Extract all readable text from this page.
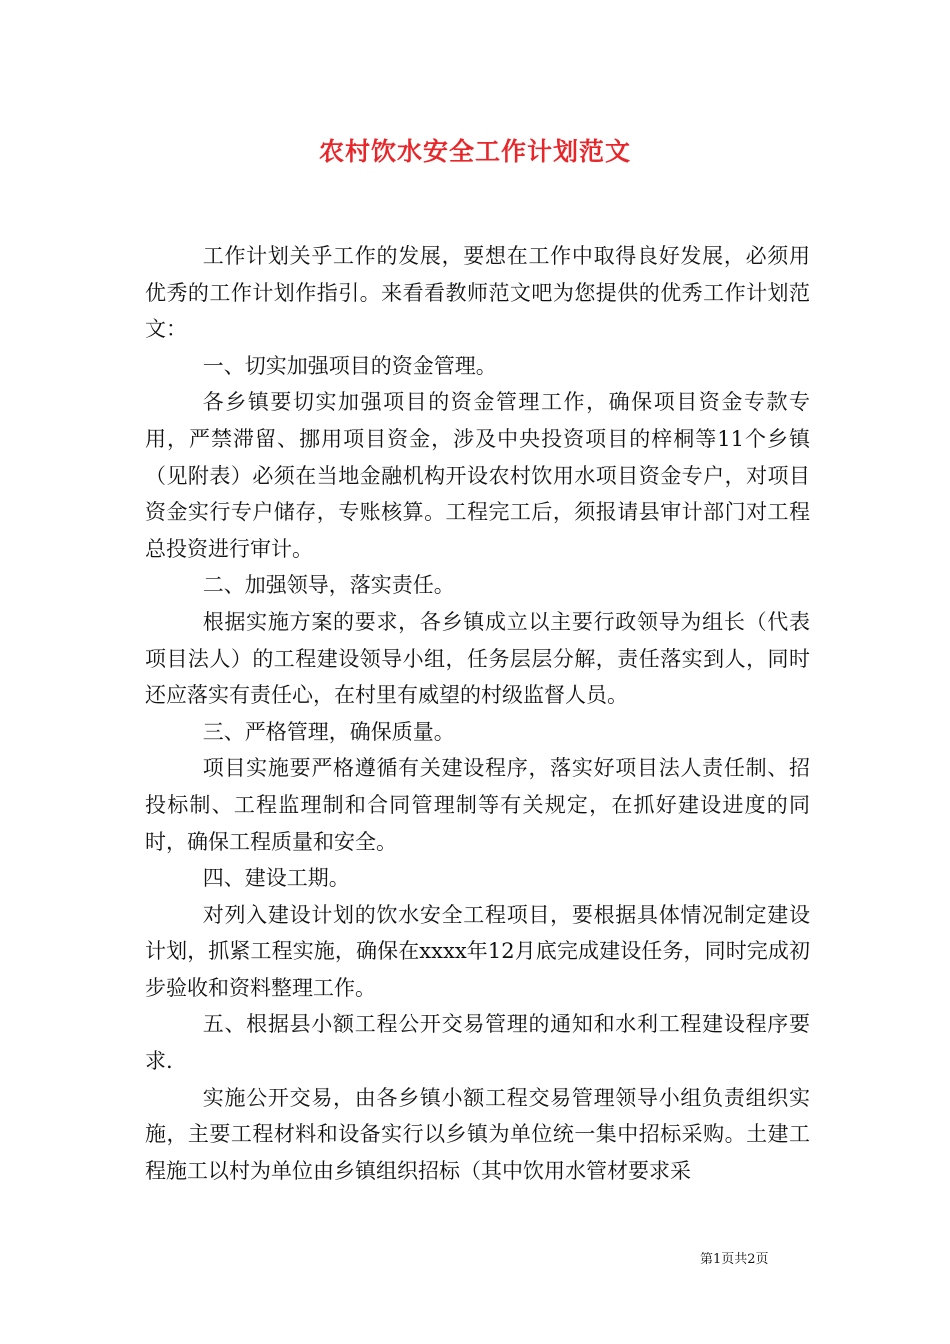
农村饮水安全工作计划范文

工作计划关乎工作的发展，要想在工作中取得良好发展，必须用优秀的工作计划作指引。来看看教师范文吧为您提供的优秀工作计划范文：

一、切实加强项目的资金管理。

各乡镇要切实加强项目的资金管理工作，确保项目资金专款专用，严禁滞留、挪用项目资金，涉及中央投资项目的梓桐等11个乡镇（见附表）必须在当地金融机构开设农村饮用水项目资金专户，对项目资金实行专户储存，专账核算。工程完工后，须报请县审计部门对工程总投资进行审计。

二、加强领导，落实责任。

根据实施方案的要求，各乡镇成立以主要行政领导为组长（代表项目法人）的工程建设领导小组，任务层层分解，责任落实到人，同时还应落实有责任心，在村里有威望的村级监督人员。

三、严格管理，确保质量。

项目实施要严格遵循有关建设程序，落实好项目法人责任制、招投标制、工程监理制和合同管理制等有关规定，在抓好建设进度的同时，确保工程质量和安全。

四、建设工期。

对列入建设计划的饮水安全工程项目，要根据具体情况制定建设计划，抓紧工程实施，确保在xxxx年12月底完成建设任务，同时完成初步验收和资料整理工作。

五、根据县小额工程公开交易管理的通知和水利工程建设程序要求.

实施公开交易，由各乡镇小额工程交易管理领导小组负责组织实施，主要工程材料和设备实行以乡镇为单位统一集中招标采购。土建工程施工以村为单位由乡镇组织招标（其中饮用水管材要求采

第1页共2页
